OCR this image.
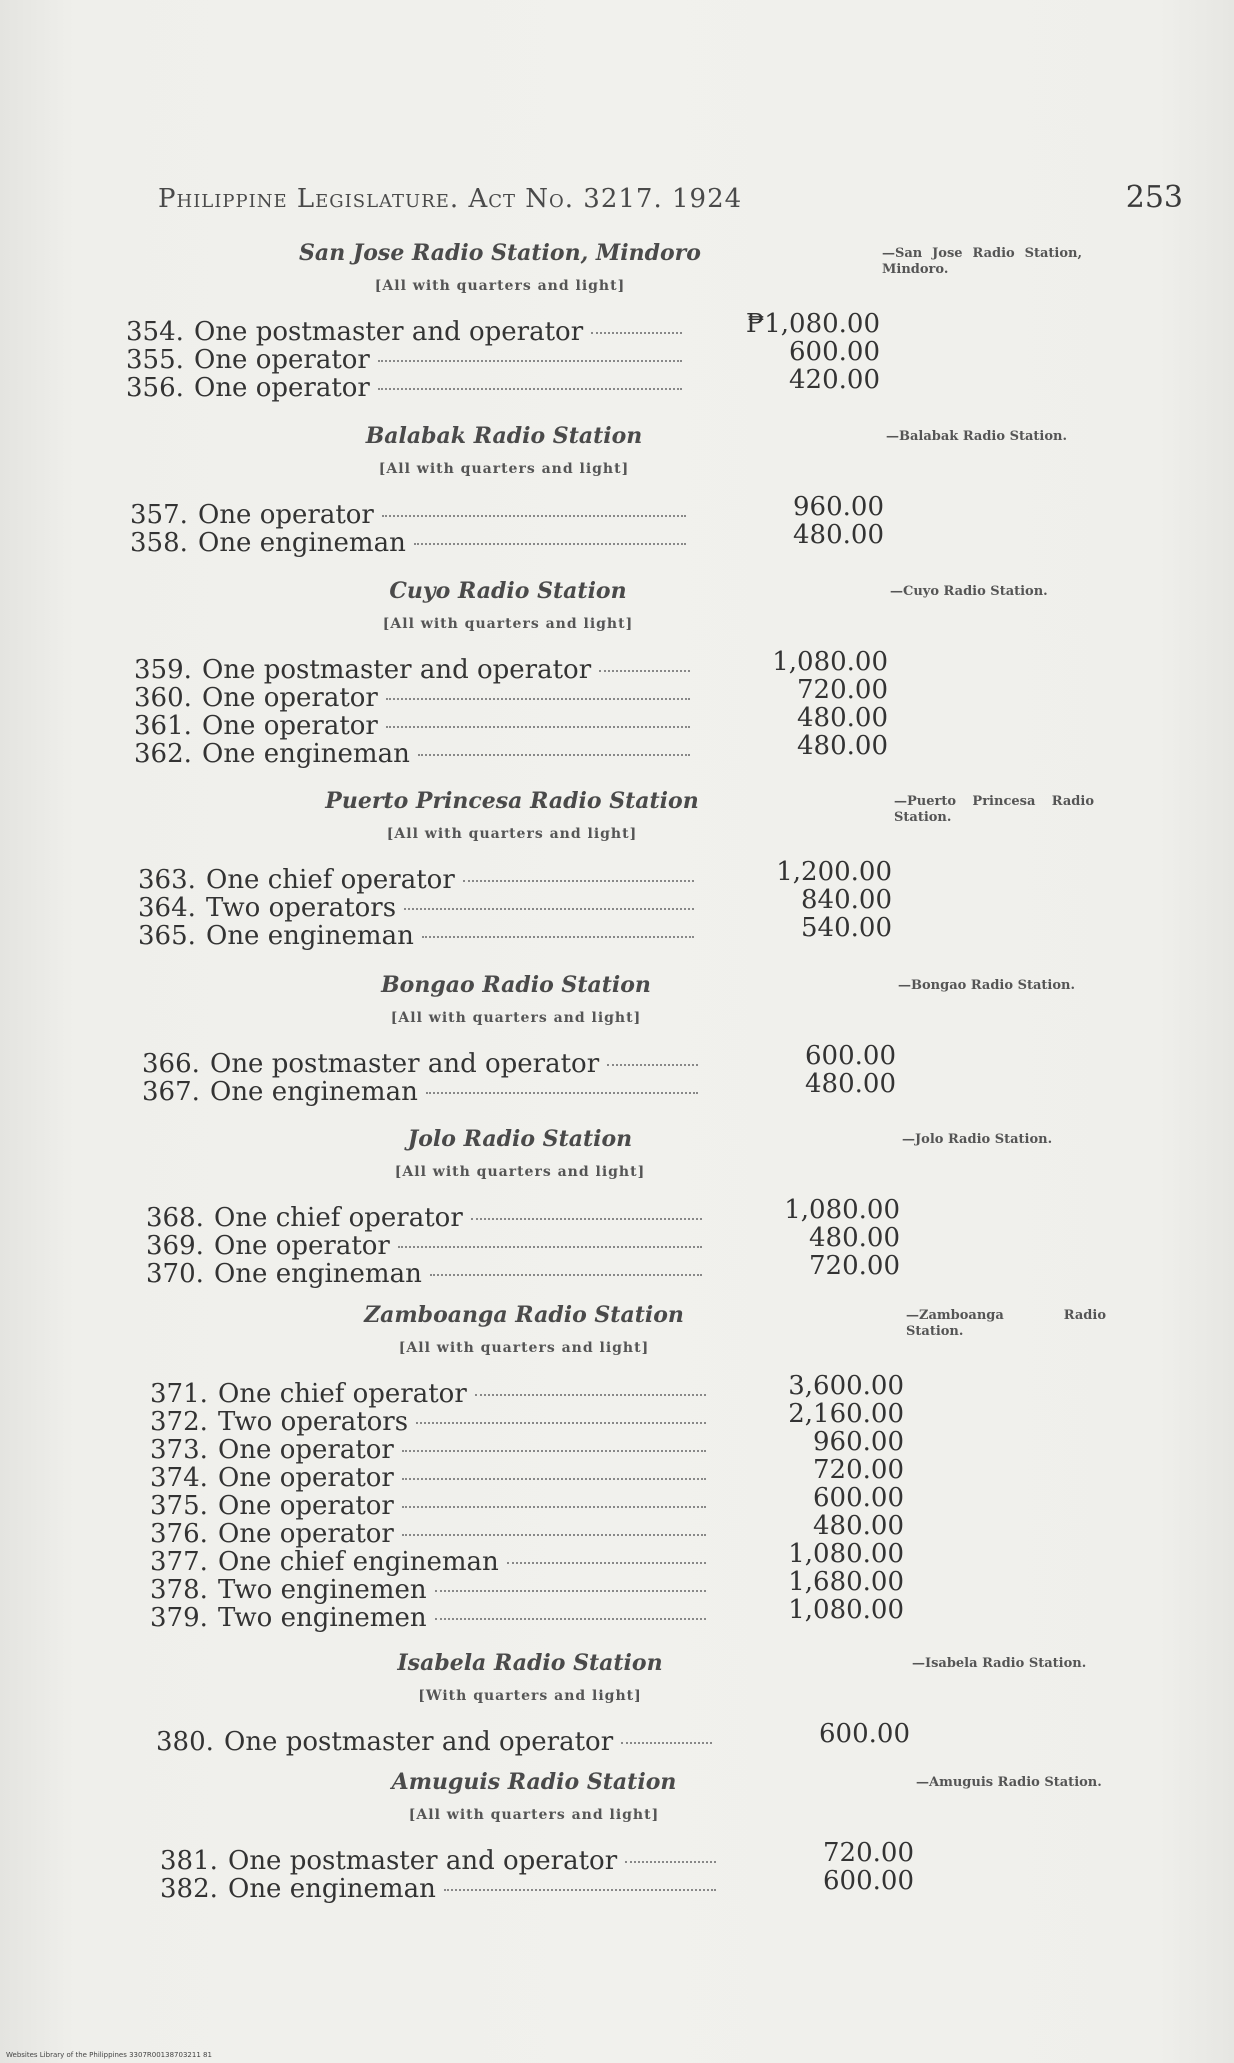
Philippine Legislature. Act No. 3217. 1924	253
San Jose Radio Station, Mindoro
[All with quarters and light]
—San Jose Radio Station, Mindoro.
354. One postmaster and operator	₱1,080.00
355. One operator	600.00
356. One operator	420.00
Balabak Radio Station
[All with quarters and light]
—Balabak Radio Station.
357. One operator	960.00
358. One engineman	480.00
Cuyo Radio Station
[All with quarters and light]
—Cuyo Radio Station.
359. One postmaster and operator	1,080.00
360. One operator	720.00
361. One operator	480.00
362. One engineman	480.00
Puerto Princesa Radio Station
[All with quarters and light]
—Puerto Princesa Radio Station.
363. One chief operator	1,200.00
364. Two operators	840.00
365. One engineman	540.00
Bongao Radio Station
[All with quarters and light]
—Bongao Radio Station.
366. One postmaster and operator	600.00
367. One engineman	480.00
Jolo Radio Station
[All with quarters and light]
—Jolo Radio Station.
368. One chief operator	1,080.00
369. One operator	480.00
370. One engineman	720.00
Zamboanga Radio Station
[All with quarters and light]
—Zamboanga Radio Station.
371. One chief operator	3,600.00
372. Two operators	2,160.00
373. One operator	960.00
374. One operator	720.00
375. One operator	600.00
376. One operator	480.00
377. One chief engineman	1,080.00
378. Two enginemen	1,680.00
379. Two enginemen	1,080.00
Isabela Radio Station
[With quarters and light]
—Isabela Radio Station.
380. One postmaster and operator	600.00
Amuguis Radio Station
[All with quarters and light]
—Amuguis Radio Station.
381. One postmaster and operator	720.00
382. One engineman	600.00
Websites Library of the Philippines 3307R00138703211 81
